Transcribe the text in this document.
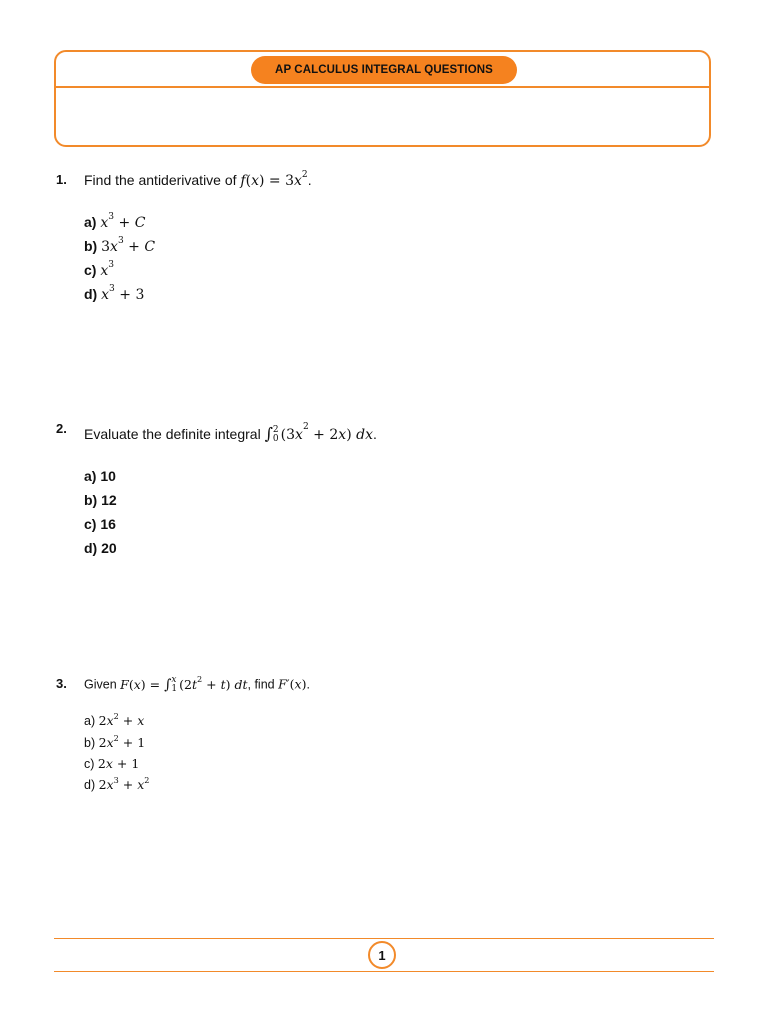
AP CALCULUS INTEGRAL QUESTIONS
1. Find the antiderivative of $f(x) = 3x^2$.
a) $x^3 + C$
b) $3x^3 + C$
c) $x^3$
d) $x^3 + 3$
2. Evaluate the definite integral ∫ 2
0 $(3x^2 + 2x)$ dx.
a) 10
b) 12
c) 16
d) 20
3. Given F(x) = ∫ x
1 $(2t^2 + t)$ dt, find F′(x).
a) $2x^2 + x$
b) $2x^2 + 1$
c) 2x + 1
d) $2x^3 + x^2$
1
